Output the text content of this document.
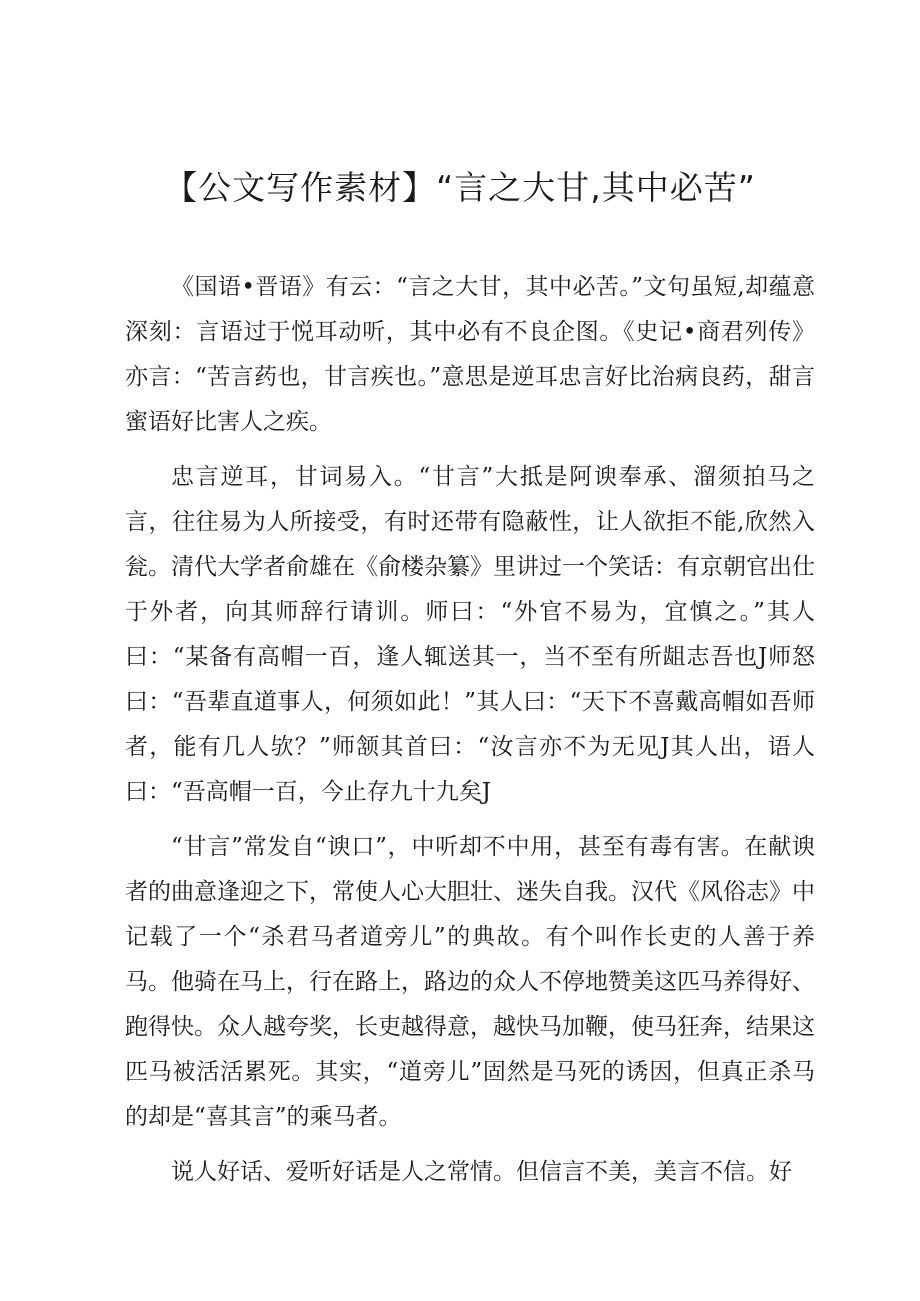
【公文写作素材】“言之大甘,其中必苦”

《国语•晋语》有云：“言之大甘，其中必苦。”文句虽短,却蕴意深刻：言语过于悦耳动听，其中必有不良企图。《史记•商君列传》亦言：“苦言药也，甘言疾也。”意思是逆耳忠言好比治病良药，甜言蜜语好比害人之疾。

忠言逆耳，甘词易入。“甘言”大抵是阿谀奉承、溜须拍马之言，往往易为人所接受，有时还带有隐蔽性，让人欲拒不能,欣然入瓮。清代大学者俞雄在《俞楼杂纂》里讲过一个笑话：有京朝官出仕于外者，向其师辞行请训。师曰：“外官不易为，宜慎之。”其人曰：“某备有高帽一百，逢人辄送其一，当不至有所龃志吾也J师怒曰：“吾辈直道事人，何须如此！”其人曰：“天下不喜戴高帽如吾师者，能有几人欤？”师颔其首曰：“汝言亦不为无见J其人出，语人曰：“吾高帽一百，今止存九十九矣J

“甘言”常发自“谀口”，中听却不中用，甚至有毒有害。在献谀者的曲意逢迎之下，常使人心大胆壮、迷失自我。汉代《风俗志》中记载了一个“杀君马者道旁儿”的典故。有个叫作长吏的人善于养马。他骑在马上，行在路上，路边的众人不停地赞美这匹马养得好、跑得快。众人越夸奖，长吏越得意，越快马加鞭，使马狂奔，结果这匹马被活活累死。其实，“道旁儿”固然是马死的诱因，但真正杀马的却是“喜其言”的乘马者。

说人好话、爱听好话是人之常情。但信言不美，美言不信。好
